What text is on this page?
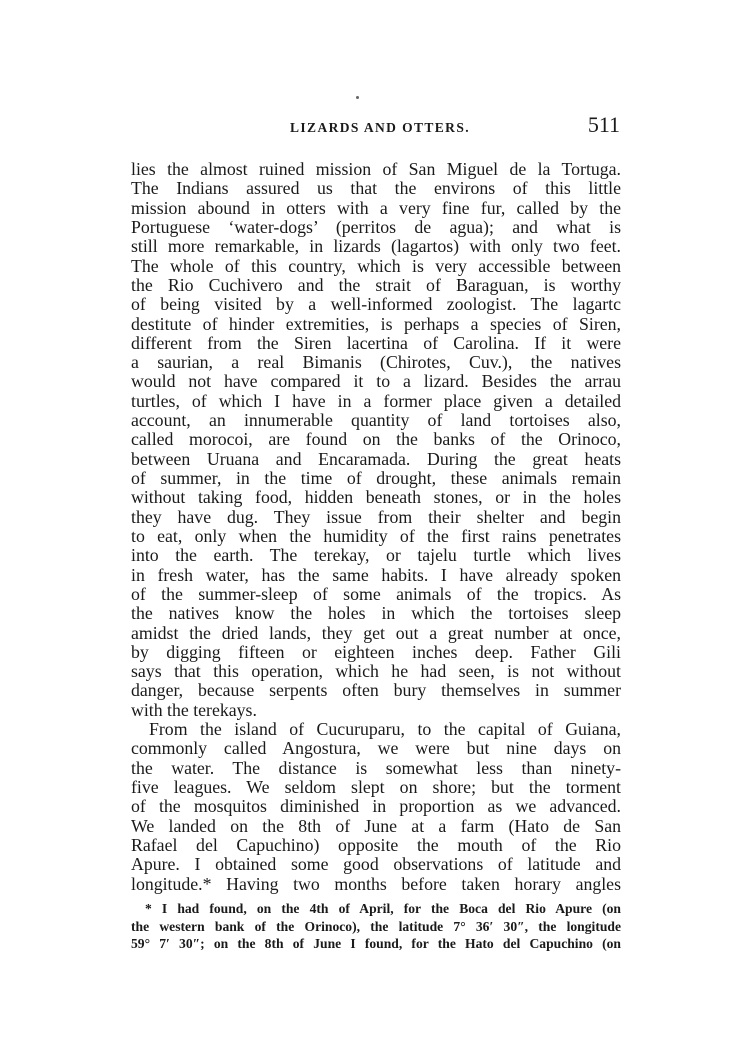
LIZARDS AND OTTERS.	511
lies the almost ruined mission of San Miguel de la Tortuga.
The Indians assured us that the environs of this little
mission abound in otters with a very fine fur, called by the
Portuguese ‘water-dogs’ (perritos de agua); and what is
still more remarkable, in lizards (lagartos) with only two feet.
The whole of this country, which is very accessible between
the Rio Cuchivero and the strait of Baraguan, is worthy
of being visited by a well-informed zoologist. The lagartc
destitute of hinder extremities, is perhaps a species of Siren,
different from the Siren lacertina of Carolina. If it were
a saurian, a real Bimanis (Chirotes, Cuv.), the natives
would not have compared it to a lizard. Besides the arrau
turtles, of which I have in a former place given a detailed
account, an innumerable quantity of land tortoises also,
called morocoi, are found on the banks of the Orinoco,
between Uruana and Encaramada. During the great heats
of summer, in the time of drought, these animals remain
without taking food, hidden beneath stones, or in the holes
they have dug. They issue from their shelter and begin
to eat, only when the humidity of the first rains penetrates
into the earth. The terekay, or tajelu turtle which lives
in fresh water, has the same habits. I have already spoken
of the summer-sleep of some animals of the tropics. As
the natives know the holes in which the tortoises sleep
amidst the dried lands, they get out a great number at once,
by digging fifteen or eighteen inches deep. Father Gili
says that this operation, which he had seen, is not without
danger, because serpents often bury themselves in summer
with the terekays.
From the island of Cucuruparu, to the capital of Guiana,
commonly called Angostura, we were but nine days on
the water. The distance is somewhat less than ninety-
five leagues. We seldom slept on shore; but the torment
of the mosquitos diminished in proportion as we advanced.
We landed on the 8th of June at a farm (Hato de San
Rafael del Capuchino) opposite the mouth of the Rio
Apure. I obtained some good observations of latitude and
longitude.* Having two months before taken horary angles
* I had found, on the 4th of April, for the Boca del Rio Apure (on
the western bank of the Orinoco), the latitude 7° 36′ 30″, the longitude
59° 7′ 30″; on the 8th of June I found, for the Hato del Capuchino (on
